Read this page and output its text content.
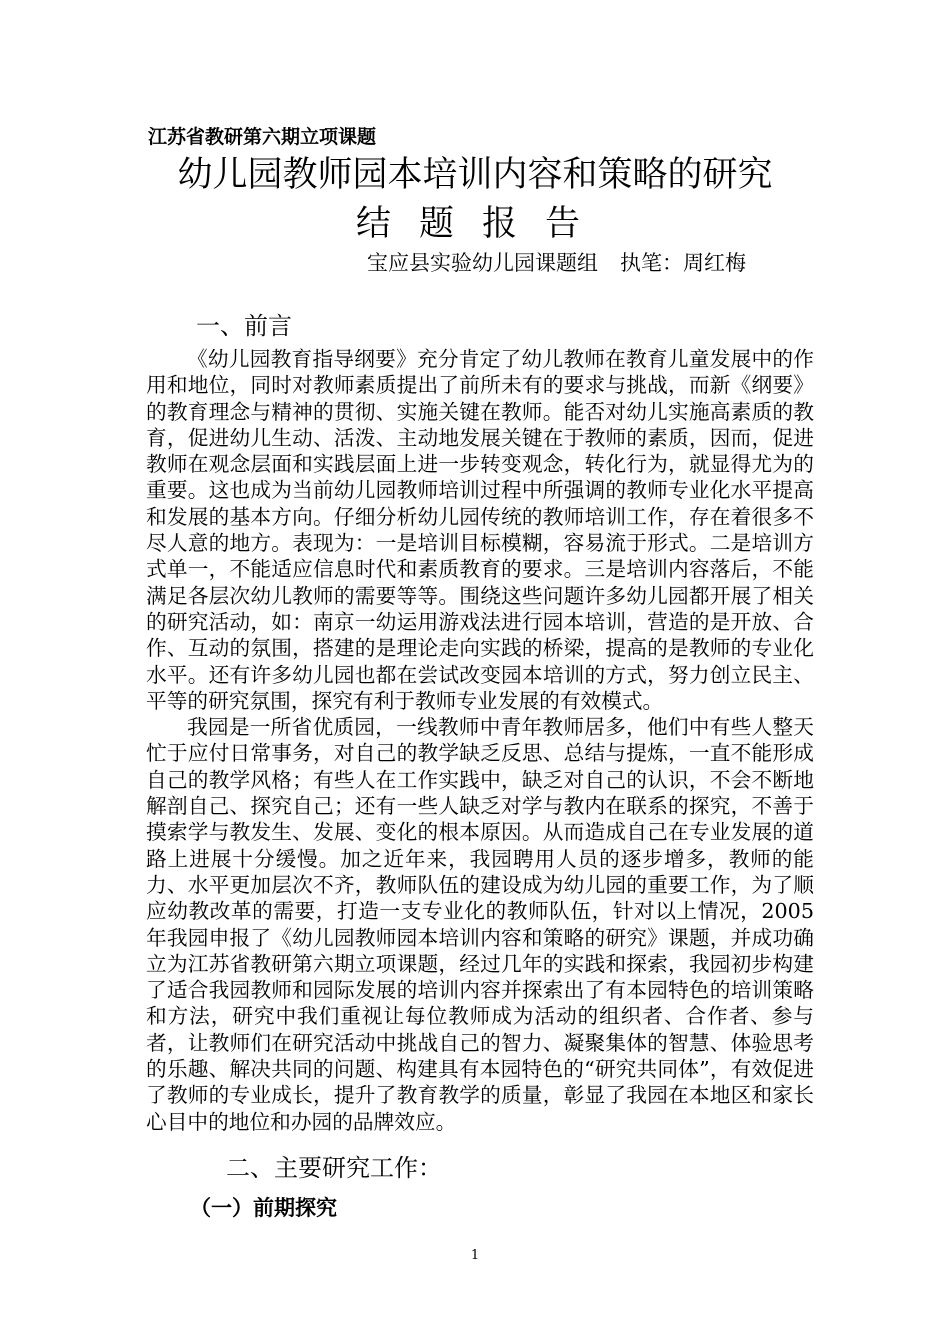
江苏省教研第六期立项课题
幼儿园教师园本培训内容和策略的研究
结题报告
宝应县实验幼儿园课题组 执笔：周红梅
一、前言

《幼儿园教育指导纲要》充分肯定了幼儿教师在教育儿童发展中的作用和地位，同时对教师素质提出了前所未有的要求与挑战，而新《纲要》的教育理念与精神的贯彻、实施关键在教师。能否对幼儿实施高素质的教育，促进幼儿生动、活泼、主动地发展关键在于教师的素质，因而，促进教师在观念层面和实践层面上进一步转变观念，转化行为，就显得尤为的重要。这也成为当前幼儿园教师培训过程中所强调的教师专业化水平提高和发展的基本方向。仔细分析幼儿园传统的教师培训工作，存在着很多不尽人意的地方。表现为：一是培训目标模糊，容易流于形式。二是培训方式单一，不能适应信息时代和素质教育的要求。三是培训内容落后，不能满足各层次幼儿教师的需要等等。围绕这些问题许多幼儿园都开展了相关的研究活动，如：南京一幼运用游戏法进行园本培训，营造的是开放、合作、互动的氛围，搭建的是理论走向实践的桥梁，提高的是教师的专业化水平。还有许多幼儿园也都在尝试改变园本培训的方式，努力创立民主、平等的研究氛围，探究有利于教师专业发展的有效模式。

我园是一所省优质园，一线教师中青年教师居多，他们中有些人整天忙于应付日常事务，对自己的教学缺乏反思、总结与提炼，一直不能形成自己的教学风格；有些人在工作实践中，缺乏对自己的认识，不会不断地解剖自己、探究自己；还有一些人缺乏对学与教内在联系的探究，不善于摸索学与教发生、发展、变化的根本原因。从而造成自己在专业发展的道路上进展十分缓慢。加之近年来，我园聘用人员的逐步增多，教师的能力、水平更加层次不齐，教师队伍的建设成为幼儿园的重要工作，为了顺应幼教改革的需要，打造一支专业化的教师队伍，针对以上情况，2005年我园申报了《幼儿园教师园本培训内容和策略的研究》课题，并成功确立为江苏省教研第六期立项课题，经过几年的实践和探索，我园初步构建了适合我园教师和园际发展的培训内容并探索出了有本园特色的培训策略和方法，研究中我们重视让每位教师成为活动的组织者、合作者、参与者，让教师们在研究活动中挑战自己的智力、凝聚集体的智慧、体验思考的乐趣、解决共同的问题、构建具有本园特色的“研究共同体”，有效促进了教师的专业成长，提升了教育教学的质量，彰显了我园在本地区和家长心目中的地位和办园的品牌效应。

二、主要研究工作：
（一）前期探究
1
